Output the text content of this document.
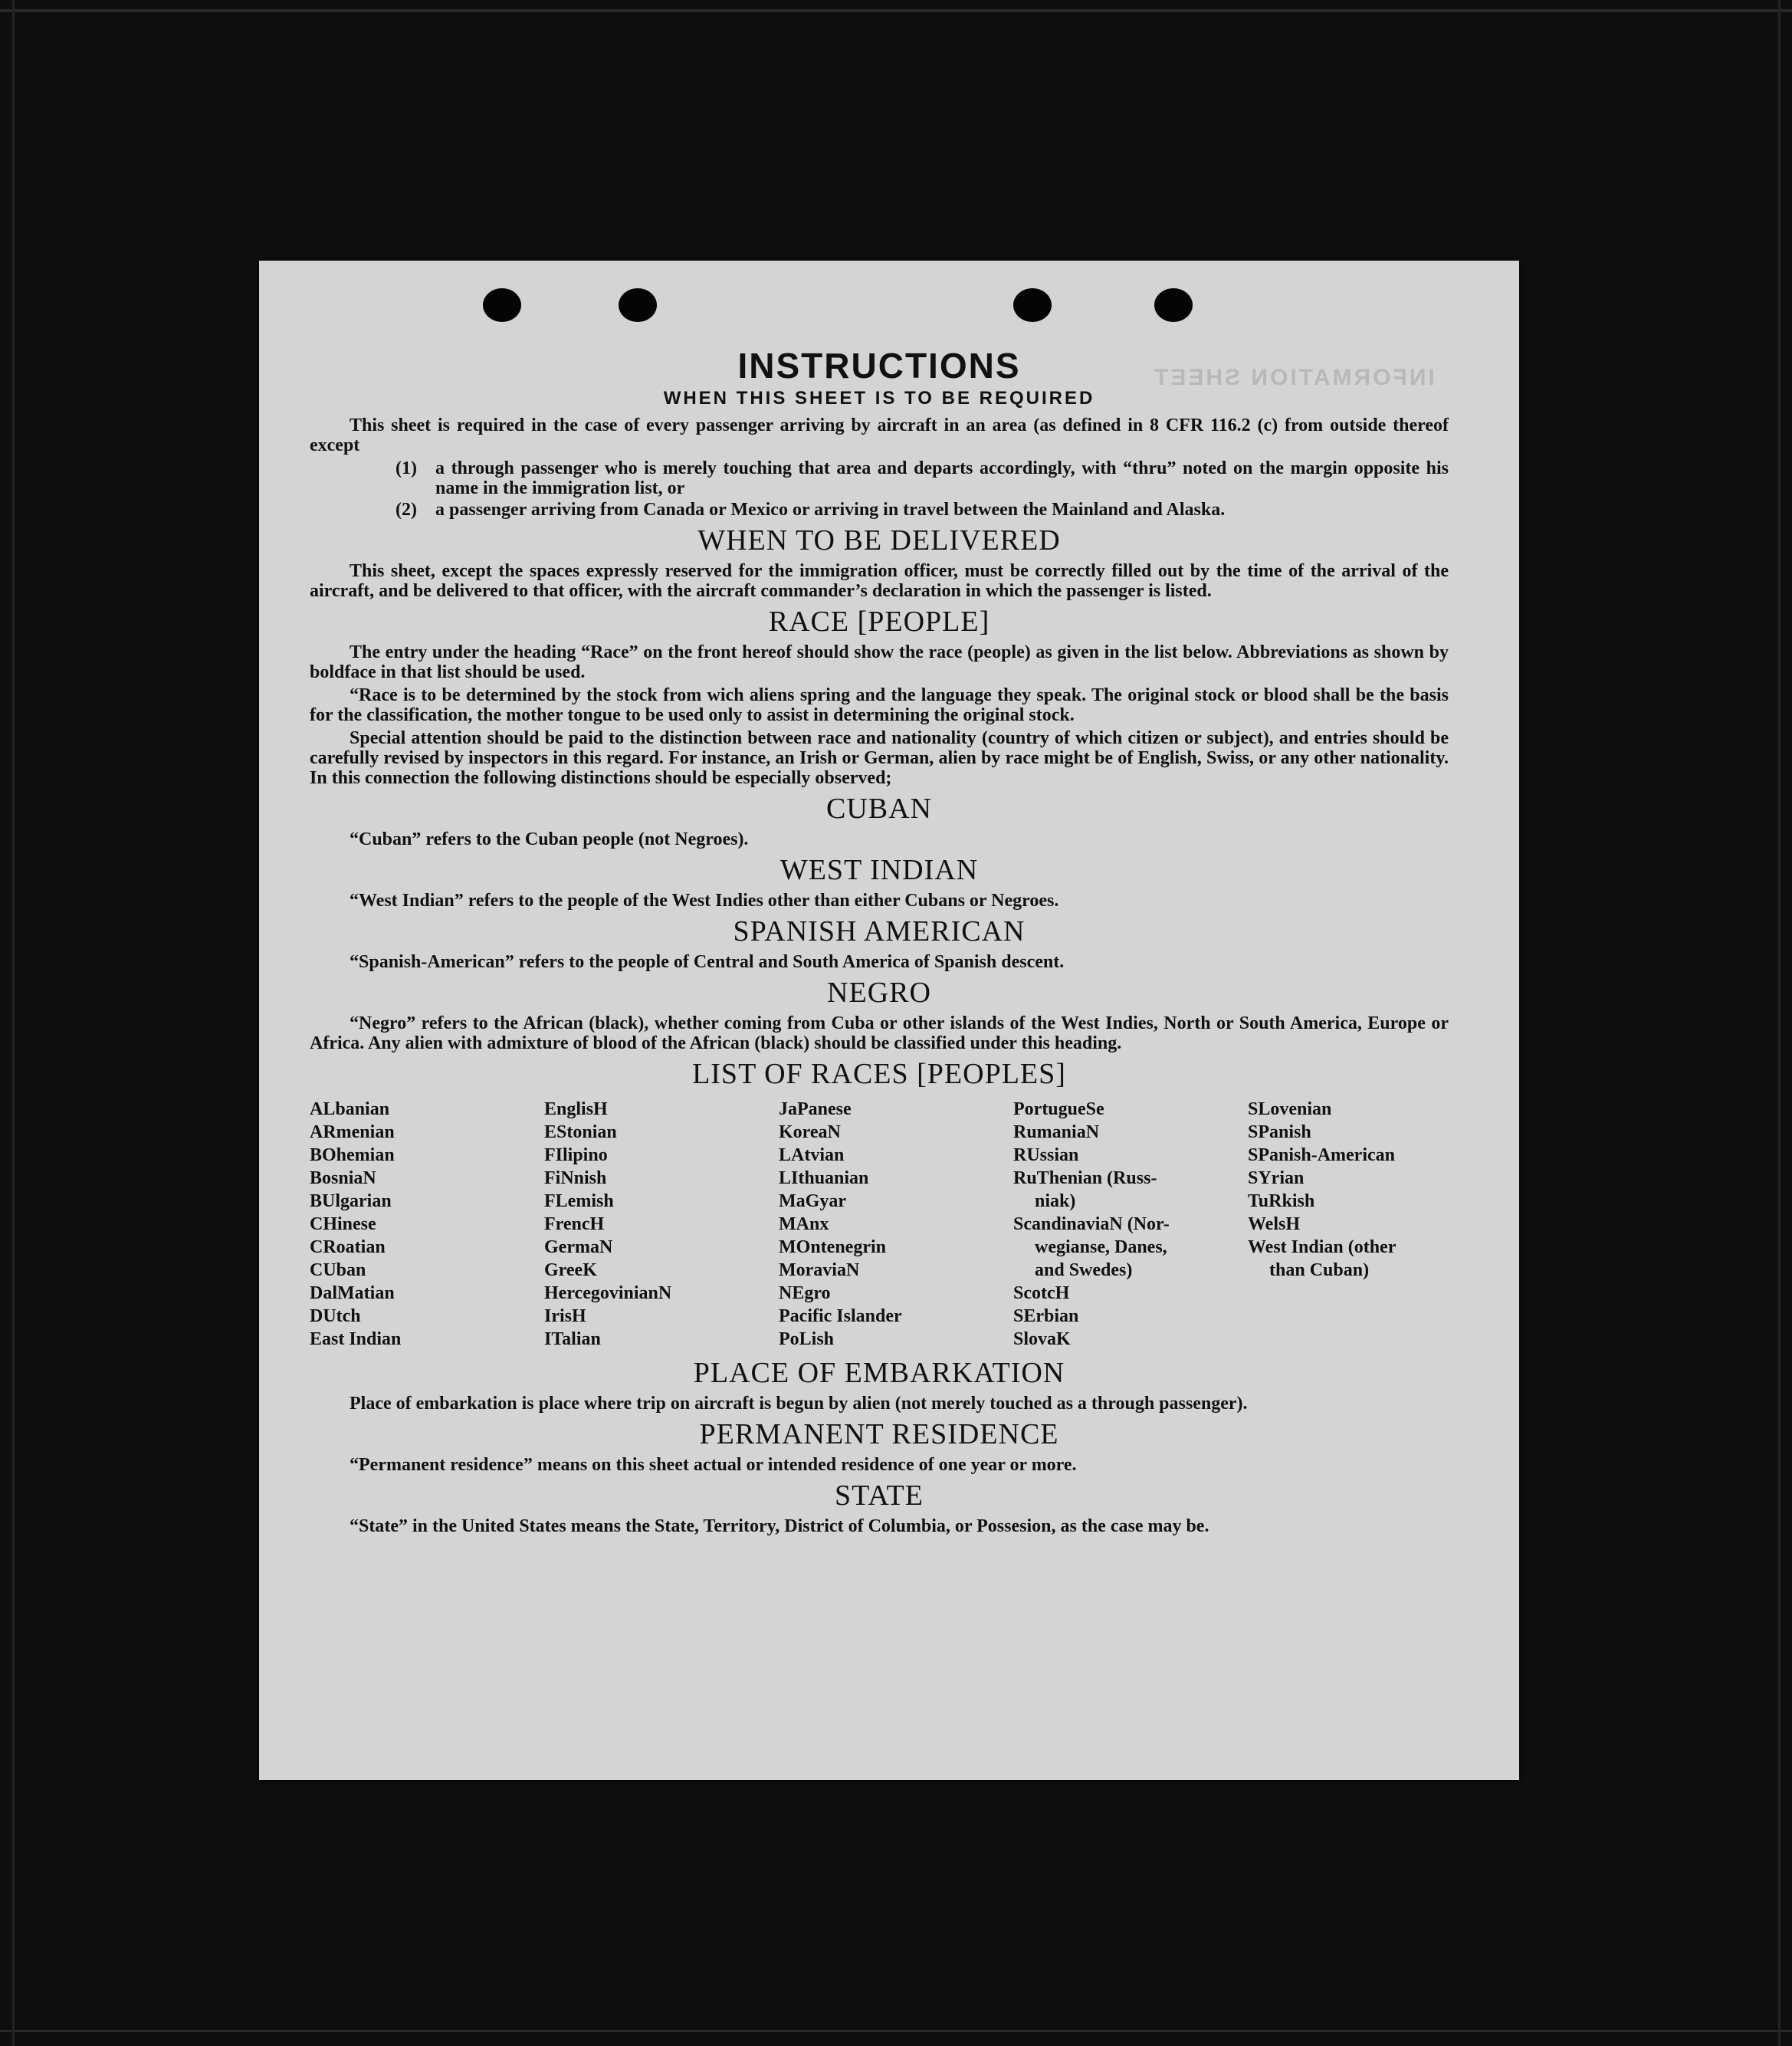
INFORMATION SHEET
INSTRUCTIONS
WHEN THIS SHEET IS TO BE REQUIRED

This sheet is required in the case of every passenger arriving by aircraft in an area (as defined in 8 CFR 116.2 (c) from outside thereof except

(1)	a through passenger who is merely touching that area and departs accordingly, with “thru” noted on the margin opposite his name in the immigration list, or
(2)	a passenger arriving from Canada or Mexico or arriving in travel between the Mainland and Alaska.
WHEN TO BE DELIVERED

This sheet, except the spaces expressly reserved for the immigration officer, must be correctly filled out by the time of the arrival of the aircraft, and be delivered to that officer, with the aircraft commander’s declaration in which the passenger is listed.

RACE [PEOPLE]

The entry under the heading “Race” on the front hereof should show the race (people) as given in the list below. Abbreviations as shown by boldface in that list should be used.

“Race is to be determined by the stock from wich aliens spring and the language they speak. The original stock or blood shall be the basis for the classification, the mother tongue to be used only to assist in determining the original stock.

Special attention should be paid to the distinction between race and nationality (country of which citizen or subject), and entries should be carefully revised by inspectors in this regard. For instance, an Irish or German, alien by race might be of English, Swiss, or any other nationality. In this connection the following distinctions should be especially observed;

CUBAN

“Cuban” refers to the Cuban people (not Negroes).

WEST INDIAN

“West Indian” refers to the people of the West Indies other than either Cubans or Negroes.

SPANISH AMERICAN

“Spanish-American” refers to the people of Central and South America of Spanish descent.

NEGRO

“Negro” refers to the African (black), whether coming from Cuba or other islands of the West Indies, North or South America, Europe or Africa. Any alien with admixture of blood of the African (black) should be classified under this heading.

LIST OF RACES [PEOPLES]
ALbanian
ARmenian
BOhemian
BosniaN
BUlgarian
CHinese
CRoatian
CUban
DalMatian
DUtch
East Indian
EnglisH
EStonian
FIlipino
FiNnish
FLemish
FrencH
GermaN
GreeK
HercegovinianN
IrisH
ITalian
JaPanese
KoreaN
LAtvian
LIthuanian
MaGyar
MAnx
MOntenegrin
MoraviaN
NEgro
Pacific Islander
PoLish
PortugueSe
RumaniaN
RUssian
RuThenian (Russ-
niak)
ScandinaviaN (Nor-
wegianse, Danes,
and Swedes)
ScotcH
SErbian
SlovaK
SLovenian
SPanish
SPanish-American
SYrian
TuRkish
WelsH
West Indian (other
than Cuban)
PLACE OF EMBARKATION

Place of embarkation is place where trip on aircraft is begun by alien (not merely touched as a through passenger).

PERMANENT RESIDENCE

“Permanent residence” means on this sheet actual or intended residence of one year or more.

STATE

“State” in the United States means the State, Territory, District of Columbia, or Possesion, as the case may be.
